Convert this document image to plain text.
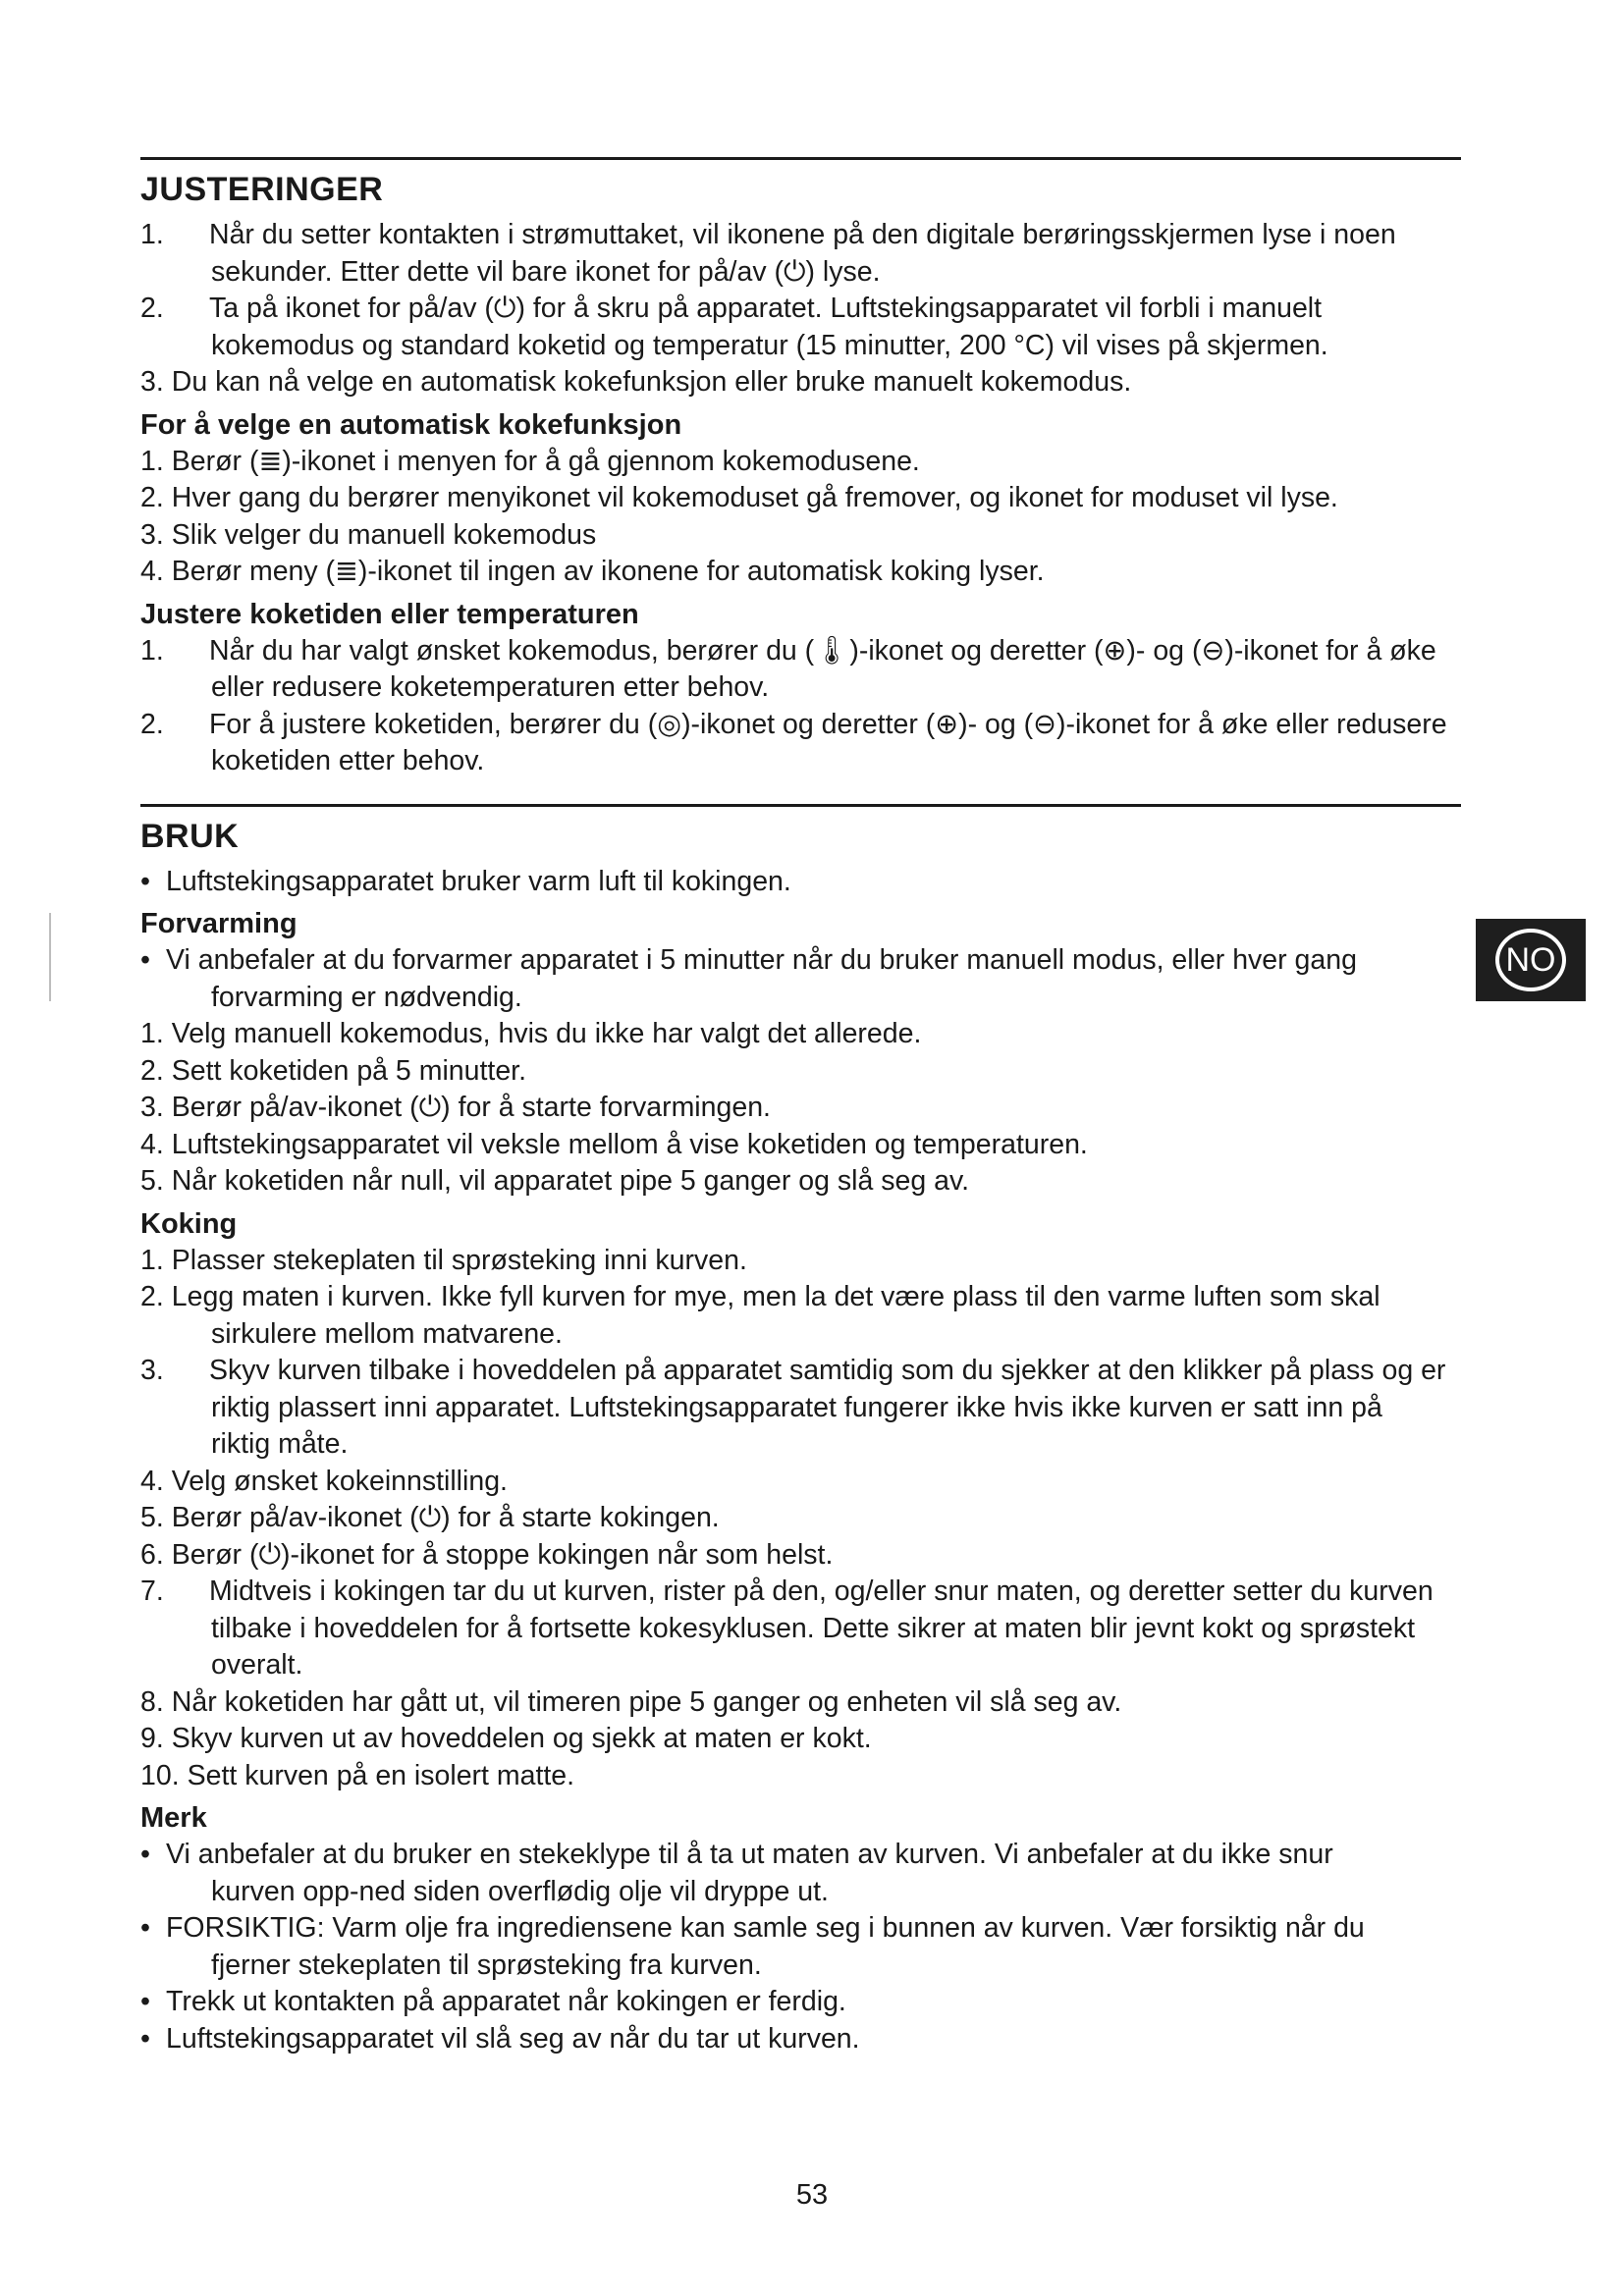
NO
JUSTERINGER
1.	Når du setter kontakten i strømuttaket, vil ikonene på den digitale berøringsskjermen lyse i noen
sekunder. Etter dette vil bare ikonet for på/av (⏻) lyse.
2.	Ta på ikonet for på/av (⏻) for å skru på apparatet. Luftstekingsapparatet vil forbli i manuelt
kokemodus og standard koketid og temperatur (15 minutter, 200 °C) vil vises på skjermen.
3. Du kan nå velge en automatisk kokefunksjon eller bruke manuelt kokemodus.
For å velge en automatisk kokefunksjon
1. Berør (≣)-ikonet i menyen for å gå gjennom kokemodusene.
2. Hver gang du berører menyikonet vil kokemoduset gå fremover, og ikonet for moduset vil lyse.
3. Slik velger du manuell kokemodus
4. Berør meny (≣)-ikonet til ingen av ikonene for automatisk koking lyser.
Justere koketiden eller temperaturen
1.	Når du har valgt ønsket kokemodus, berører du (🌡)-ikonet og deretter (⊕)- og (⊖)-ikonet for å øke
eller redusere koketemperaturen etter behov.
2.	For å justere koketiden, berører du (◎)-ikonet og deretter (⊕)- og (⊖)-ikonet for å øke eller redusere
koketiden etter behov.
BRUK
• Luftstekingsapparatet bruker varm luft til kokingen.
Forvarming
• Vi anbefaler at du forvarmer apparatet i 5 minutter når du bruker manuell modus, eller hver gang
forvarming er nødvendig.
1. Velg manuell kokemodus, hvis du ikke har valgt det allerede.
2. Sett koketiden på 5 minutter.
3. Berør på/av-ikonet (⏻) for å starte forvarmingen.
4. Luftstekingsapparatet vil veksle mellom å vise koketiden og temperaturen.
5. Når koketiden når null, vil apparatet pipe 5 ganger og slå seg av.
Koking
1. Plasser stekeplaten til sprøsteking inni kurven.
2. Legg maten i kurven. Ikke fyll kurven for mye, men la det være plass til den varme luften som skal
sirkulere mellom matvarene.
3.	Skyv kurven tilbake i hoveddelen på apparatet samtidig som du sjekker at den klikker på plass og er
riktig plassert inni apparatet. Luftstekingsapparatet fungerer ikke hvis ikke kurven er satt inn på
riktig måte.
4. Velg ønsket kokeinnstilling.
5. Berør på/av-ikonet (⏻) for å starte kokingen.
6. Berør (⏻)-ikonet for å stoppe kokingen når som helst.
7.	Midtveis i kokingen tar du ut kurven, rister på den, og/eller snur maten, og deretter setter du kurven
tilbake i hoveddelen for å fortsette kokesyklusen. Dette sikrer at maten blir jevnt kokt og sprøstekt
overalt.
8. Når koketiden har gått ut, vil timeren pipe 5 ganger og enheten vil slå seg av.
9. Skyv kurven ut av hoveddelen og sjekk at maten er kokt.
10. Sett kurven på en isolert matte.
Merk
• Vi anbefaler at du bruker en stekeklype til å ta ut maten av kurven. Vi anbefaler at du ikke snur
kurven opp-ned siden overflødig olje vil dryppe ut.
• FORSIKTIG: Varm olje fra ingrediensene kan samle seg i bunnen av kurven. Vær forsiktig når du
fjerner stekeplaten til sprøsteking fra kurven.
• Trekk ut kontakten på apparatet når kokingen er ferdig.
• Luftstekingsapparatet vil slå seg av når du tar ut kurven.
53
